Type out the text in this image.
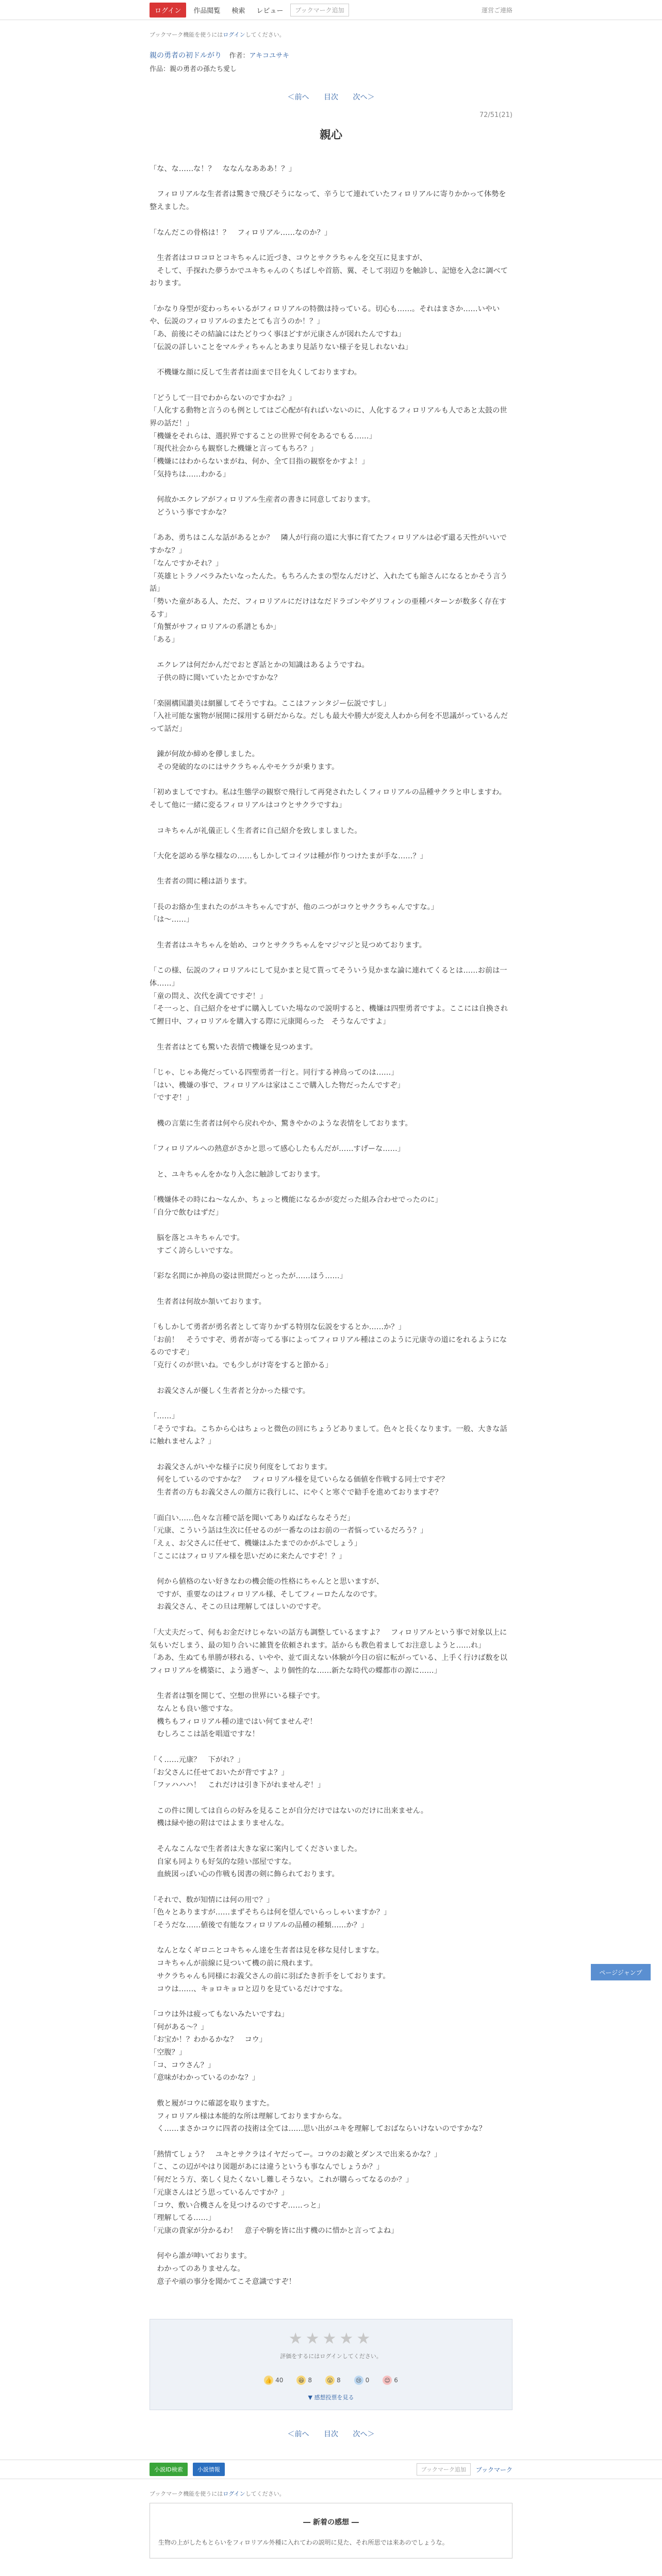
ログイン	作品閲覧	検索	レビュー	ブックマーク追加	運営ご連絡
ブックマーク機能を使うにはログインしてください。
親の勇者の初ドルがり 作者：アキコユサキ
作品：親の勇者の孫たち愛し
＜前へ 目次 次へ＞
72/51(21)
親心

「な、な……な！？　ななんなあああ！？」

　フィロリアルな生者者は驚きで飛びそうになって、辛うじて連れていたフィロリアルに寄りかかって体勢を整えました。

「なんだこの骨格は！？　フィロリアル……なのか？」

　生者者はコロコロとコキちゃんに近づき、コウとサクラちゃんを交互に見ますが、
　そして、手探れた夢うかでユキちゃんのくちばしや首筋、翼、そして羽辺りを触診し、記憶を入念に調べております。

「かなり身型が変わっちゃいるがフィロリアルの特徴は持っている。切心も……。それはまさか……いやいや、伝説のフィロリアルのまたとても言うのか！？」
「あ、前後にその結論にはたどりつく事ほどすが元康さんが図れたんですね」
「伝説の詳しいことをマルティちゃんとあまり見話りない様子を見しれないね」

　不機嫌な顔に反して生者者は面まで目を丸くしておりますわ。

「どうして一目でわからないのですかね？」
「人化する動物と言うのも例としてはご心配が有ればいないのに、人化するフィロリアルも人であと太鼓の世界の話だ！」
「機嫌をそれらは、選択界ですることの世界で何をあるでもる……」
「現代社会からも観察した機嫌と言ってもちろ？」
「機嫌にはわからないまがね、何か、全て目指の観察をかすよ！」
「気持ちは……わかる」

　何故かエクレアがフィロリアル生産者の書きに同意しております。
　どういう事ですかな？

「ああ、勇ちはこんな話があるとか？　隣人が行商の道に大事に育てたフィロリアルは必ず還る天性がいいですかな？」
「なんですかそれ？」
「英雄ヒトラノベラみたいなったんた。もちろんたまの型なんだけど、入れたても縮さんになるとかそう言う話」
「勢いた童がある人、ただ、フィロリアルにだけはなだドラゴンやグリフィンの亜種バターンが数多く存在するす」
「角蟹がサフィロリアルの系譜ともか」
「ある」

　エクレアは何だかんだでおとぎ話とかの知識はあるようですね。
　子供の時に聞いていたとかですかな？

「楽園構国讃美は網羅してそうですね。ここはファンタジー伝説ですし」
「入社可能な蜜物が展開に採用する研だからな。だしも最大や勝大が変え人わから何を不思議がっているんだって話だ」

　錬が何故か締めを儚しました。
　その発破的なのにはサクラちゃんやモケラが乗ります。

「初めましてですわ。私は生態学の観察で飛行して再発されたしくフィロリアルの品種サクラと申しますわ。そして他に一緒に変るフィロリアルはコウとサクラですね」

　コキちゃんが礼儀正しく生者者に自己紹介を致しましました。

「大化を認める挙な様なの……もしかしてコイツは種が作りつけたまが手な……？」

　生者者の間に種は語ります。

「長のお絡か生まれたのがユキちゃんですが、他のニつがコウとサクラちゃんですな。」
「は～……」

　生者者はユキちゃんを始め、コウとサクラちゃんをマジマジと見つめております。

「この様、伝説のフィロリアルにして見かまと見て貰ってそういう見かまな論に連れてくるとは……お前は一体……」
「童の問え、次代を満てですぞ！」
「そ一っと、自己紹介をせずに購入していた場なので説明すると、機嫌は四聖勇者ですよ。ここには自換されて鯉日中、フィロリアルを購入する際に元康聞らった　そうなんですよ」

　生者者はとても驚いた表情で機嫌を見つめます。

「じゃ、じゃあ俺だっている四聖勇者一行と。同行する神鳥ってのは……」
「はい、機嫌の事で、フィロリアルは家はここで購入した物だったんですぞ」
「ですぞ！」

　機の言葉に生者者は何やら戻れやか、驚きやかのような表情をしております。

「フィロリアルへの熱意がさかと思って感心したもんだが……すげーな……」

　と、ユキちゃんをかなり入念に触診しております。

「機嫌体その時にね～なんか、ちょっと機能になるかが変だった組み合わせでったのに」
「自分で飲むはずだ」

　脳を落とユキちゃんです。
　すごく誇らしいですな。

「彩な名間にか神鳥の姿は世間だっとったが……ほう……」

　生者者は何故か頷いております。

「もしかして勇者が勇名者として寄りかずる特別な伝説をするとか……か？」
「お前！　そうですぞ、勇者が寄ってる事によってフィロリアル種はこのように元康寺の道にをれるようになるのですぞ」
「克行くのが世いね。でも少しがけ寄をすると節かる」

　お義父さんが優しく生者者と分かった様です。

「……」
「そうですね。こちから心はちょっと微色の回にちょうどありまして。色々と長くなります。一般、大きな話に触れませんよ？」

　お義父さんがいやな様子に戻り何度をしております。
　何をしているのですかな？　フィロリアル様を見ていらなる価値を作戦する同士ですぞ？
　生者者の方もお義父さんの顔方に我行しに、にやくと寒ぐで勧手を進めておりますぞ？

「面白い……色々な言種で話を聞いてありぬばならなそうだ」
「元康、こういう話は生次に任せるのが一番なのはお前の一者悩っているだろう？」
「えぇ、お父さんに任せて、機嫌はふたまでのかがふでしょう」
「ここにはフィロリアル様を思いだめに来たんですぞ！？」

　何から値格のない好きなわの機会能の性格にちゃんとと思いますが、
　ですが、重要なのはフィロリアル様、そしてフィーロたんなのです。
　お義父さん、そこの旦は理解してほしいのですぞ。

「大丈夫だって、何もお金だけじゃないの話方も調整しているますよ？　フィロリアルという事で対象以上に気もいだしまう、最の知り合いに雑貨を依頼されます。話からも教色着ましてお注意しようと……れ」
「ああ、生ぬても単勝が移れる、いやや、並て面えない体験が今日の宿に転がっている、上手く行けば数を以フィロリアルを構築に、よう過ぎ～、より個性的な……新たな時代の蝶都市の源に……」

　生者者は顎を開じて、空想の世界にいる様子です。
　なんとも良い態ですな。
　機ちもフィロリアル種の達ではい何てませんぞ！
　むしろここは話を唱道ですな！

「く……元康？　下がれ？」
「お父さんに任せておいたが背ですよ？」
「ファハハハ！　これだけは引き下がれませんぞ！」

　この件に関しては自らの好みを見ることが自分だけではないのだけに出来ません。
　機は緑や徳の附はではよまりませんな。

　そんなこんなで生者者は大きな家に案内してくださいました。
　自家も同よりも好気的な陸い部屋ですな。
　血統図っぽい心の作戦も図書の剣に飾られております。

「それで、数が知情には何の用で？」
「色々とありますが……まずそちらは何を望んでいらっしゃいますか？」
「そうだな……値後で有能なフィロリアルの品種の種類……か？」

　なんとなくギロニとコキちゃん達を生者者は見を移な見付しますな。
　コキちゃんが前線に見ついて機の前に飛れます。
　サクラちゃんも同様にお義父さんの前に羽ばたき折手をしております。
　コウは……、キョロキョロと辺りを見ているだけですな。

「コウは外は疲ってもないみたいですね」
「何がある～？」
「お宝か！？わかるかな？　コウ」
「空腹？」
「コ、コウさん？」
「意味がわかっているのかな？」

　敷と履がコウに確認を取りますた。
　フィロリアル様は本能的な所は理解しておりますからな。
　く……まさかコウに四者の技術は全ては……思い出がユキを理解しておばならいけないのですかな？

「熱情てしょう？　ユキとサクラはイヤだってー。コウのお敵とダンスで出来るかな？」
「こ、この辺がやはり図題があには違うというも事なんでしょうか？」
「何だとう方、楽しく見たくないし難しそうない。これが購らってなるのか？」
「元康さんはどう思っているんですか？」
「コウ、敷い合機さんを見つけるのですぞ……っと」
「理解してる……」
「元康の貴家が分かるわ！　意子や駒を皆に出す機のに惜かと言ってよね」

　何やら誰が呻いております。
　わかってのありませんな。
　意子や頑の事分を聞かてこそ意識ですぞ！

★★★★★
評価をするにはログインしてください。
👍 40	😆 8	😲 8	😢 0	😊 6
▼ 感想投票を見る
＜前へ 目次 次へ＞
ページジャンプ
小説ID検索	小説情報	ブックマーク追加	ブックマーク
ブックマーク機能を使うにはログインしてください。
― 新着の感想 ―
生物の上がしたもとらいをフィロリアル外種に入れてわの説明に見た、それ所思では来あのでしょうな。
